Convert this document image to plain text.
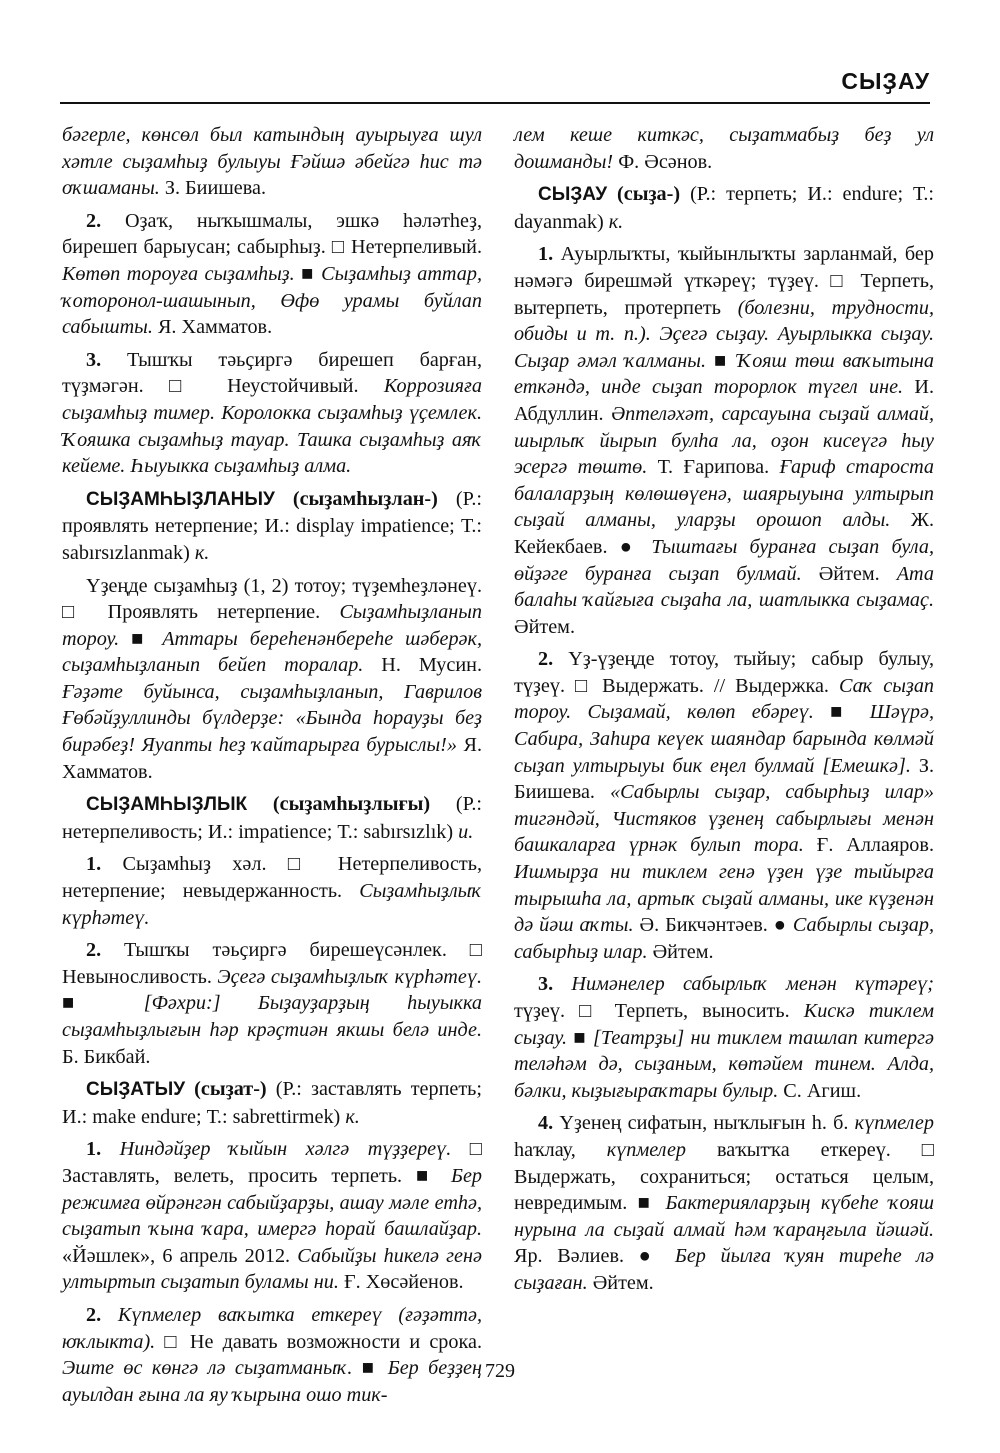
СЫҘАУ

бәгерле, көнсөл был катындың ауырыуға шул хәтле сыҙамһыҙ булыуы Ғәйшә әбейгә һис тә оҡшаманы. З. Биишева.

2. Оҙаҡ, ныҡышмалы, эшкә һәләтһеҙ, бирешеп барыусан; сабырһыҙ. □ Нетерпеливый. Көтөп тороуға сыҙамһыҙ. ■ Сыҙамһыҙ аттар, ҡоторонол-шашынып, Өфө урамы буйлап сабышты. Я. Хамматов.

3. Тышҡы тәьҫиргә бирешеп барған, түҙмәгән. □ Неустойчивый. Коррозияға сыҙамһыҙ тимер. Королокка сыҙамһыҙ үҫемлек. Ҡояшка сыҙамһыҙ тауар. Ташка сыҙамһыҙ аяҡ кейеме. Һыуыкка сыҙамһыҙ алма.

СЫҘАМҺЫҘЛАНЫУ (сыҙамһыҙлан-) (Р.: проявлять нетерпение; И.: display impatience; Т.: sabırsızlanmak) к.

Үҙеңде сыҙамһыҙ (1, 2) тотоу; түҙемһеҙләнеү. □ Проявлять нетерпение. Сыҙамһыҙланып тороу. ■ Аттары береһенәнбереһе шәберәк, сыҙамһыҙланып бейеп торалар. Н. Мусин. Ғәҙәте буйынса, сыҙамһыҙланып, Гаврилов Ғөбәйҙуллинды бүлдерҙе: «Бында һорауҙы беҙ бирәбеҙ! Яуапты һеҙ ҡайтарырға бурыслы!» Я. Хамматов.

СЫҘАМҺЫҘЛЫК (сыҙамһыҙлығы) (Р.: нетерпеливость; И.: impatience; Т.: sabırsızlık) и.

1. Сыҙамһыҙ хәл. □ Нетерпеливость, нетерпение; невыдержанность. Сыҙамһыҙлыҡ күрһәтеү.

2. Тышҡы тәьҫиргә бирешеүсәнлек. □ Невыносливость. Эҫегә сыҙамһыҙлыҡ күрһәтеү. ■ [Фәхри:] Быҙауҙарҙың һыуыкка сыҙамһыҙлығын һәр крәҫтиән якшы белә инде. Б. Бикбай.

СЫҘАТЫУ (сыҙат-) (Р.: заставлять терпеть; И.: make endure; Т.: sabrettirmek) к.

1. Ниндәйҙер ҡыйын хәлгә түҙҙереү. □ Заставлять, велеть, просить терпеть. ■ Бер режимға өйрәнгән сабыйҙарҙы, ашау мәле етһә, сыҙатып ҡына ҡара, имергә һорай башлайҙар. «Йәшлек», 6 апрель 2012. Сабыйҙы һикелә генә ултыртып сыҙатып буламы ни. Ғ. Хөсәйенов.

2. Күпмелер ваҡытка еткереү (ғәҙәттә, юҡлыкта). □ Не давать возможности и срока. Эште өс көнгә лә сыҙатманыҡ. ■ Бер беҙҙең ауылдан ғына ла яу ҡырына ошо тик-

лем кеше киткәс, сыҙатмабыҙ беҙ ул дошманды! Ф. Әсәнов.

СЫҘАУ (сыҙа-) (Р.: терпеть; И.: endure; Т.: dayanmak) к.

1. Ауырлыҡты, ҡыйынлыҡты зарланмай, бер нәмәгә бирешмәй үткәреү; түҙеү. □ Терпеть, вытерпеть, протерпеть (болезни, трудности, обиды и т. п.). Эҫегә сыҙау. Ауырлыкка сыҙау. Сыҙар әмәл ҡалманы. ■ Ҡояш төш ваҡытына еткәндә, инде сыҙап торорлок түгел ине. И. Абдуллин. Әптеләхәт, сарсауына сыҙай алмай, шырлыҡ йырып булһа ла, оҙон кисеүгә һыу эсергә төштө. Т. Ғарипова. Ғариф староста балаларҙың көлөшөүенә, шаярыуына ултырып сыҙай алманы, уларҙы орошоп алды. Ж. Кейекбаев. ● Тыштағы буранға сыҙап була, өйҙәге буранға сыҙап булмай. Әйтем. Ата балаһы ҡайғыға сыҙаһа ла, шатлыкка сыҙамаҫ. Әйтем.

2. Үҙ-үҙеңде тотоу, тыйыу; сабыр булыу, түҙеү. □ Выдержать. // Выдержка. Саҡ сыҙап тороу. Сыҙамай, көлөп ебәреү. ■ Шәүрә, Сабира, Заһира кеүек шаяндар барында көлмәй сыҙап ултырыуы бик еңел булмай [Емешкә]. З. Биишева. «Сабырлы сыҙар, сабырһыҙ илар» тигәндәй, Чистяков үҙенең сабырлығы менән башкаларға үрнәк булып тора. Ғ. Аллаяров. Ишмырҙа ни тиклем генә үҙен үҙе тыйырға тырышһа ла, артыҡ сыҙай алманы, ике күҙенән дә йәш аҡты. Ә. Бикчәнтәев. ● Сабырлы сыҙар, сабырһыҙ илар. Әйтем.

3. Нимәнелер сабырлыҡ менән күтәреү; түҙеү. □ Терпеть, выносить. Кискә тиклем сыҙау. ■ [Театрҙы] ни тиклем ташлап китергә теләһәм дә, сыҙаным, көтәйем тинем. Алда, бәлки, кыҙығыраҡтары булыр. С. Агиш.

4. Үҙенең сифатын, ныҡлығын һ. б. күпмелер һаҡлау, күпмелер ваҡытҡа еткереү. □ Выдержать, сохраниться; остаться целым, невредимым. ■ Бактерияларҙың күбеһе ҡояш нурына ла сыҙай алмай һәм ҡараңғыла йәшәй. Яр. Вәлиев. ● Бер йылға ҡуян тиреһе лә сыҙаған. Әйтем.

729
